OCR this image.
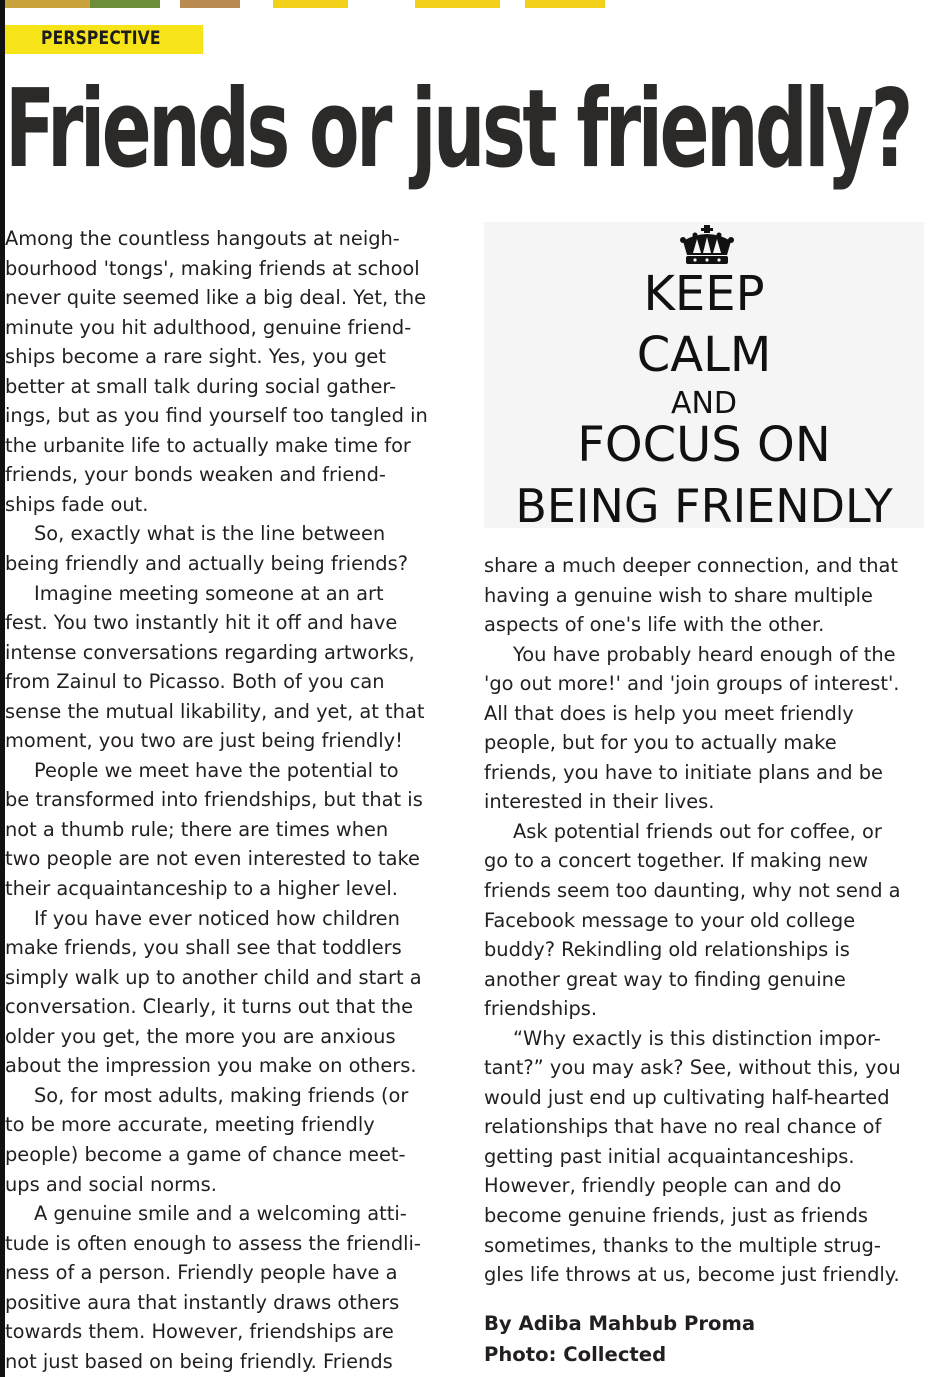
PERSPECTIVE
Friends or just friendly?
Among the countless hangouts at neigh-
bourhood 'tongs', making friends at school
never quite seemed like a big deal. Yet, the
minute you hit adulthood, genuine friend-
ships become a rare sight. Yes, you get
better at small talk during social gather-
ings, but as you find yourself too tangled in
the urbanite life to actually make time for
friends, your bonds weaken and friend-
ships fade out.
So, exactly what is the line between
being friendly and actually being friends?
Imagine meeting someone at an art
fest. You two instantly hit it off and have
intense conversations regarding artworks,
from Zainul to Picasso. Both of you can
sense the mutual likability, and yet, at that
moment, you two are just being friendly!
People we meet have the potential to
be transformed into friendships, but that is
not a thumb rule; there are times when
two people are not even interested to take
their acquaintanceship to a higher level.
If you have ever noticed how children
make friends, you shall see that toddlers
simply walk up to another child and start a
conversation. Clearly, it turns out that the
older you get, the more you are anxious
about the impression you make on others.
So, for most adults, making friends (or
to be more accurate, meeting friendly
people) become a game of chance meet-
ups and social norms.
A genuine smile and a welcoming atti-
tude is often enough to assess the friendli-
ness of a person. Friendly people have a
positive aura that instantly draws others
towards them. However, friendships are
not just based on being friendly. Friends
KEEP
CALM
AND
FOCUS ON
BEING FRIENDLY
share a much deeper connection, and that
having a genuine wish to share multiple
aspects of one's life with the other.
You have probably heard enough of the
'go out more!' and 'join groups of interest'.
All that does is help you meet friendly
people, but for you to actually make
friends, you have to initiate plans and be
interested in their lives.
Ask potential friends out for coffee, or
go to a concert together. If making new
friends seem too daunting, why not send a
Facebook message to your old college
buddy? Rekindling old relationships is
another great way to finding genuine
friendships.
“Why exactly is this distinction impor-
tant?” you may ask? See, without this, you
would just end up cultivating half-hearted
relationships that have no real chance of
getting past initial acquaintanceships.
However, friendly people can and do
become genuine friends, just as friends
sometimes, thanks to the multiple strug-
gles life throws at us, become just friendly.
By Adiba Mahbub Proma
Photo: Collected
